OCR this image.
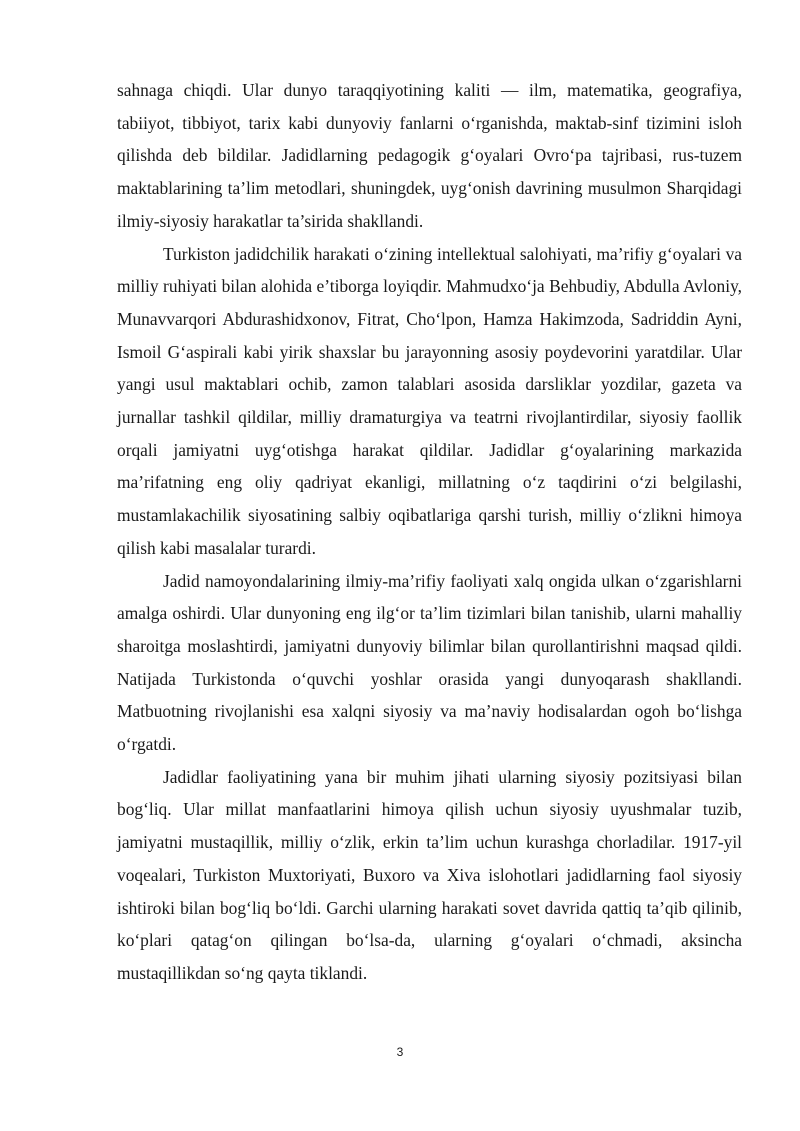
sahnaga chiqdi. Ular dunyo taraqqiyotining kaliti — ilm, matematika, geografiya, tabiiyot, tibbiyot, tarix kabi dunyoviy fanlarni o‘rganishda, maktab-sinf tizimini isloh qilishda deb bildilar. Jadidlarning pedagogik g‘oyalari Ovro‘pa tajribasi, rus-tuzem maktablarining ta’lim metodlari, shuningdek, uyg‘onish davrining musulmon Sharqidagi ilmiy-siyosiy harakatlar ta’sirida shakllandi.

Turkiston jadidchilik harakati o‘zining intellektual salohiyati, ma’rifiy g‘oyalari va milliy ruhiyati bilan alohida e’tiborga loyiqdir. Mahmudxo‘ja Behbudiy, Abdulla Avloniy, Munavvarqori Abdurashidxonov, Fitrat, Cho‘lpon, Hamza Hakimzoda, Sadriddin Ayni, Ismoil G‘aspirali kabi yirik shaxslar bu jarayonning asosiy poydevorini yaratdilar. Ular yangi usul maktablari ochib, zamon talablari asosida darsliklar yozdilar, gazeta va jurnallar tashkil qildilar, milliy dramaturgiya va teatrni rivojlantirdilar, siyosiy faollik orqali jamiyatni uyg‘otishga harakat qildilar. Jadidlar g‘oyalarining markazida ma’rifatning eng oliy qadriyat ekanligi, millatning o‘z taqdirini o‘zi belgilashi, mustamlakachilik siyosatining salbiy oqibatlariga qarshi turish, milliy o‘zlikni himoya qilish kabi masalalar turardi.

Jadid namoyondalarining ilmiy-ma’rifiy faoliyati xalq ongida ulkan o‘zgarishlarni amalga oshirdi. Ular dunyoning eng ilg‘or ta’lim tizimlari bilan tanishib, ularni mahalliy sharoitga moslashtirdi, jamiyatni dunyoviy bilimlar bilan qurollantirishni maqsad qildi. Natijada Turkistonda o‘quvchi yoshlar orasida yangi dunyoqarash shakllandi. Matbuotning rivojlanishi esa xalqni siyosiy va ma’naviy hodisalardan ogoh bo‘lishga o‘rgatdi.

Jadidlar faoliyatining yana bir muhim jihati ularning siyosiy pozitsiyasi bilan bog‘liq. Ular millat manfaatlarini himoya qilish uchun siyosiy uyushmalar tuzib, jamiyatni mustaqillik, milliy o‘zlik, erkin ta’lim uchun kurashga chorladilar. 1917-yil voqealari, Turkiston Muxtoriyati, Buxoro va Xiva islohotlari jadidlarning faol siyosiy ishtiroki bilan bog‘liq bo‘ldi. Garchi ularning harakati sovet davrida qattiq ta’qib qilinib, ko‘plari qatag‘on qilingan bo‘lsa-da, ularning g‘oyalari o‘chmadi, aksincha mustaqillikdan so‘ng qayta tiklandi.

3
